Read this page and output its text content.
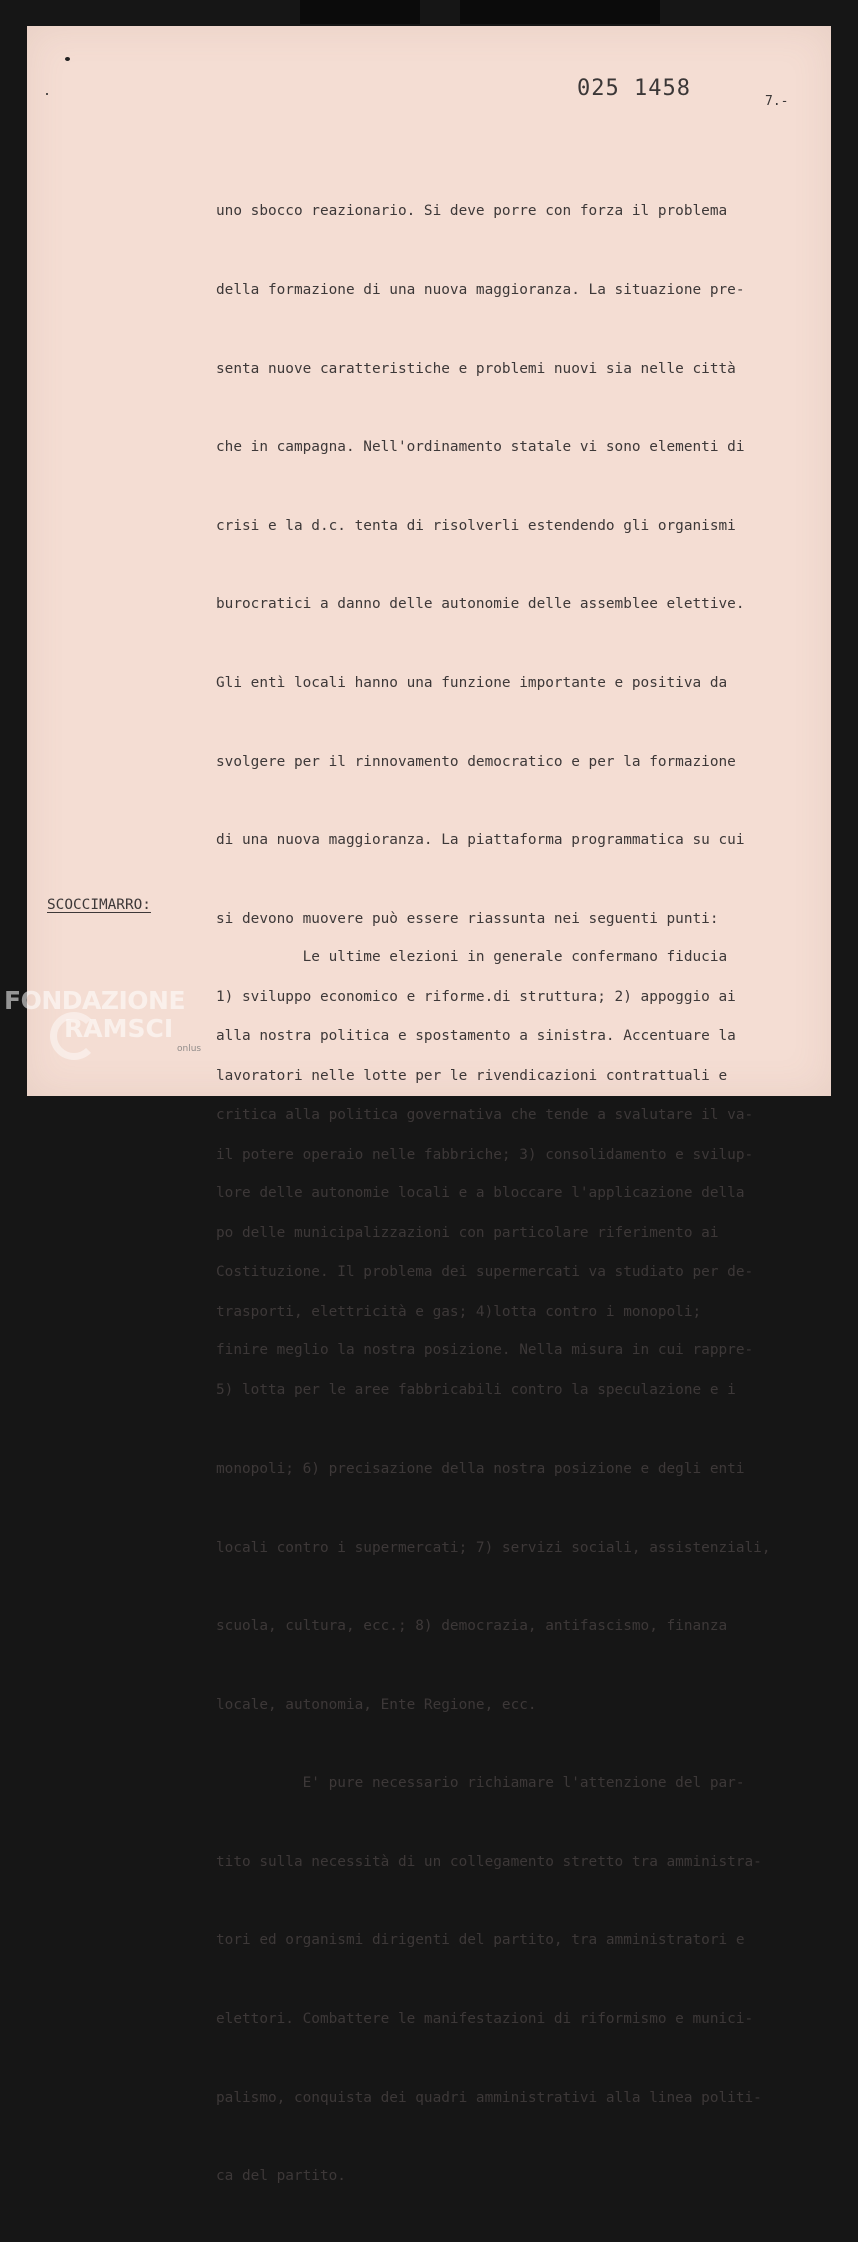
025 1458
7.-

uno sbocco reazionario. Si deve porre con forza il problema

della formazione di una nuova maggioranza. La situazione pre-

senta nuove caratteristiche e problemi nuovi sia nelle città

che in campagna. Nell'ordinamento statale vi sono elementi di

crisi e la d.c. tenta di risolverli estendendo gli organismi

burocratici a danno delle autonomie delle assemblee elettive.

Gli entì locali hanno una funzione importante e positiva da

svolgere per il rinnovamento democratico e per la formazione

di una nuova maggioranza. La piattaforma programmatica su cui

si devono muovere può essere riassunta nei seguenti punti:

1) sviluppo economico e riforme.di struttura; 2) appoggio ai

lavoratori nelle lotte per le rivendicazioni contrattuali e

il potere operaio nelle fabbriche; 3) consolidamento e svilup-

po delle municipalizzazioni con particolare riferimento ai

trasporti, elettricità e gas; 4)lotta contro i monopoli;

5) lotta per le aree fabbricabili contro la speculazione e i

monopoli; 6) precisazione della nostra posizione e degli enti

locali contro i supermercati; 7) servizi sociali, assistenziali,

scuola, cultura, ecc.; 8) democrazia, antifascismo, finanza

locale, autonomia, Ente Regione, ecc.

E' pure necessario richiamare l'attenzione del par-

tito sulla necessità di un collegamento stretto tra amministra-

tori ed organismi dirigenti del partito, tra amministratori e

elettori. Combattere le manifestazioni di riformismo e munici-

palismo, conquista dei quadri amministrativi alla linea politi-

ca del partito.

SCOCCIMARRO:

Le ultime elezioni in generale confermano fiducia

alla nostra politica e spostamento a sinistra. Accentuare la

critica alla politica governativa che tende a svalutare il va-

lore delle autonomie locali e a bloccare l'applicazione della

Costituzione. Il problema dei supermercati va studiato per de-

finire meglio la nostra posizione. Nella misura in cui rappre-

FONDAZIONE
RAMSCI
onlus
